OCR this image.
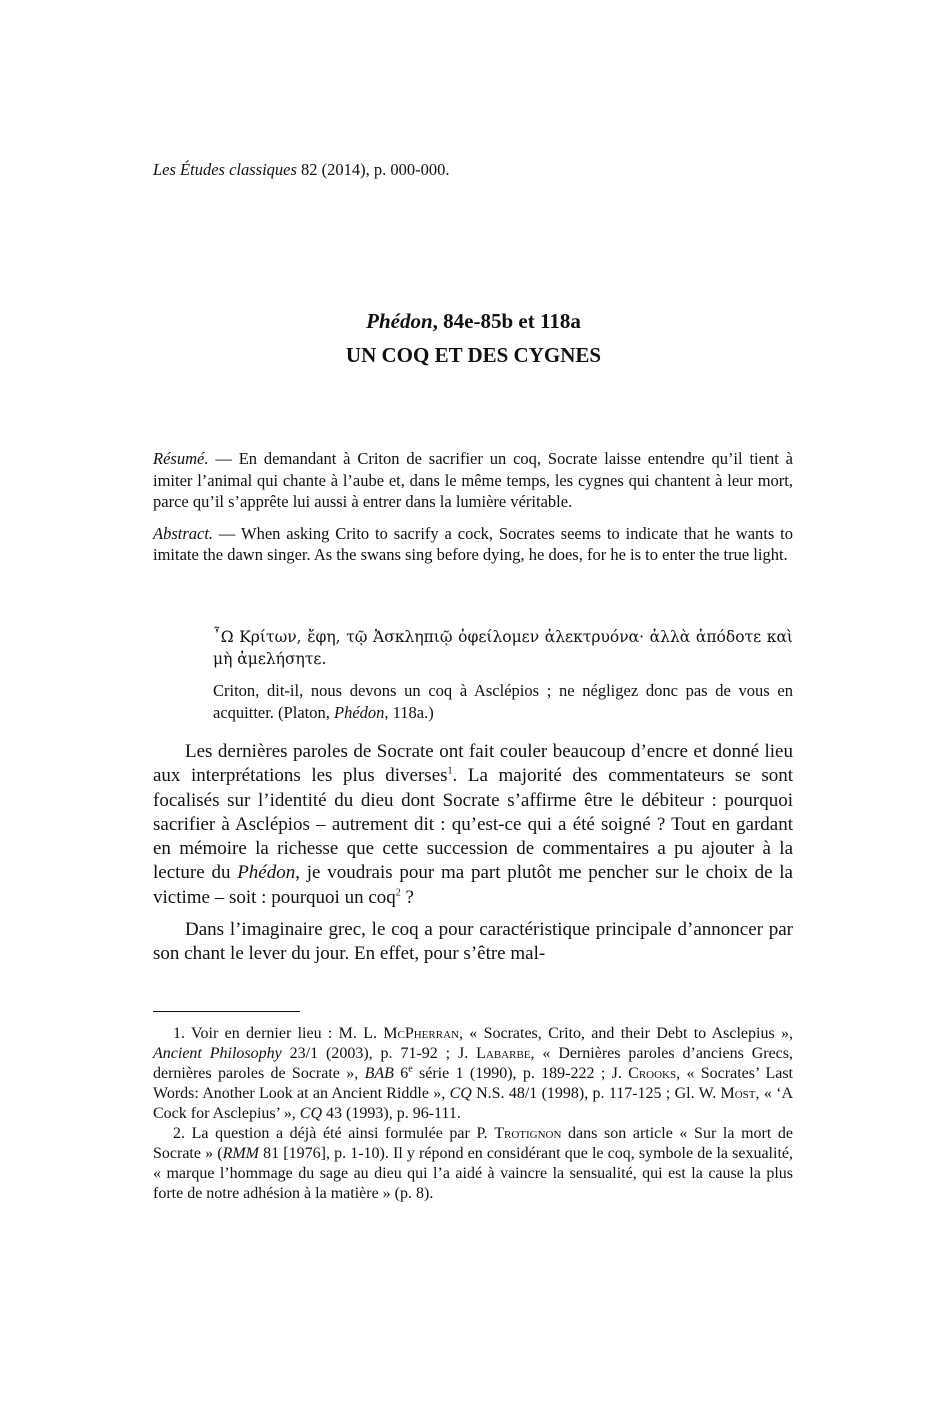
Les Études classiques 82 (2014), p. 000-000.
Phédon, 84e-85b et 118a
UN COQ ET DES CYGNES

Résumé. — En demandant à Criton de sacrifier un coq, Socrate laisse entendre qu’il tient à imiter l’animal qui chante à l’aube et, dans le même temps, les cygnes qui chantent à leur mort, parce qu’il s’apprête lui aussi à entrer dans la lumière véritable.

Abstract. — When asking Crito to sacrify a cock, Socrates seems to indicate that he wants to imitate the dawn singer. As the swans sing before dying, he does, for he is to enter the true light.

῏Ω Κρίτων, ἔφη, τῷ Ἀσκληπιῷ ὀφείλομεν ἀλεκτρυόνα· ἀλλὰ ἀπόδοτε καὶ μὴ ἀμελήσητε.

Criton, dit-il, nous devons un coq à Asclépios ; ne négligez donc pas de vous en acquitter. (Platon, Phédon, 118a.)

Les dernières paroles de Socrate ont fait couler beaucoup d’encre et donné lieu aux interprétations les plus diverses$^1$. La majorité des commentateurs se sont focalisés sur l’identité du dieu dont Socrate s’affirme être le débiteur : pourquoi sacrifier à Asclépios – autrement dit : qu’est-ce qui a été soigné ? Tout en gardant en mémoire la richesse que cette succession de commentaires a pu ajouter à la lecture du Phédon, je voudrais pour ma part plutôt me pencher sur le choix de la victime – soit : pourquoi un coq$^2$ ?

Dans l’imaginaire grec, le coq a pour caractéristique principale d’annoncer par son chant le lever du jour. En effet, pour s’être mal-

1. Voir en dernier lieu : M. L. McPherran, « Socrates, Crito, and their Debt to Asclepius », Ancient Philosophy 23/1 (2003), p. 71-92 ; J. Labarbe, « Dernières paroles d’anciens Grecs, dernières paroles de Socrate », BAB 6e série 1 (1990), p. 189-222 ; J. Crooks, « Socrates’ Last Words: Another Look at an Ancient Riddle », CQ N.S. 48/1 (1998), p. 117-125 ; Gl. W. Most, « ‘A Cock for Asclepius’ », CQ 43 (1993), p. 96-111.

2. La question a déjà été ainsi formulée par P. Trotignon dans son article « Sur la mort de Socrate » (RMM 81 [1976], p. 1-10). Il y répond en considérant que le coq, symbole de la sexualité, « marque l’hommage du sage au dieu qui l’a aidé à vaincre la sensualité, qui est la cause la plus forte de notre adhésion à la matière » (p. 8).
